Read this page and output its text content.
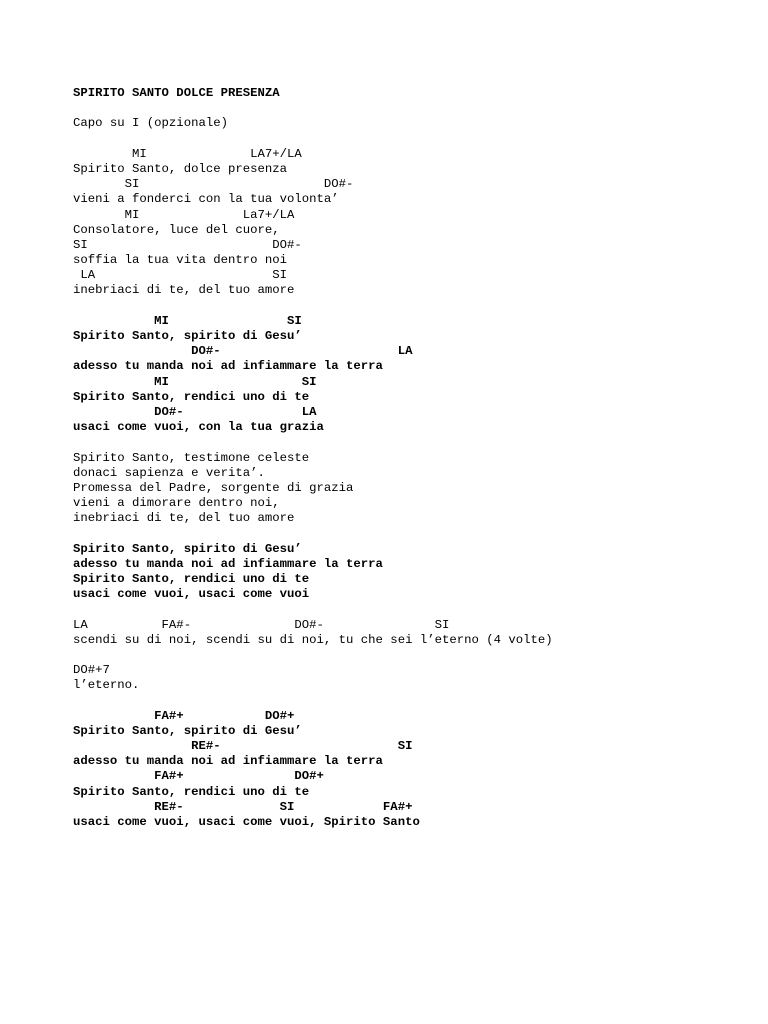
SPIRITO SANTO DOLCE PRESENZA
Capo su I (opzionale)
MI              LA7+/LA
Spirito Santo, dolce presenza
SI                         DO#-
vieni a fonderci con la tua volonta’
MI              La7+/LA
Consolatore, luce del cuore,
SI                         DO#-
soffia la tua vita dentro noi
LA                        SI
inebriaci di te, del tuo amore
MI                SI
Spirito Santo, spirito di Gesu’
DO#-                        LA
adesso tu manda noi ad infiammare la terra
MI                  SI
Spirito Santo, rendici uno di te
DO#-                LA
usaci come vuoi, con la tua grazia
Spirito Santo, testimone celeste
donaci sapienza e verita’.
Promessa del Padre, sorgente di grazia
vieni a dimorare dentro noi,
inebriaci di te, del tuo amore
Spirito Santo, spirito di Gesu’
adesso tu manda noi ad infiammare la terra
Spirito Santo, rendici uno di te
usaci come vuoi, usaci come vuoi
LA          FA#-              DO#-               SI
scendi su di noi, scendi su di noi, tu che sei l’eterno (4 volte)
DO#+7
l’eterno.
FA#+           DO#+
Spirito Santo, spirito di Gesu’
RE#-                        SI
adesso tu manda noi ad infiammare la terra
FA#+               DO#+
Spirito Santo, rendici uno di te
RE#-             SI            FA#+
usaci come vuoi, usaci come vuoi, Spirito Santo
